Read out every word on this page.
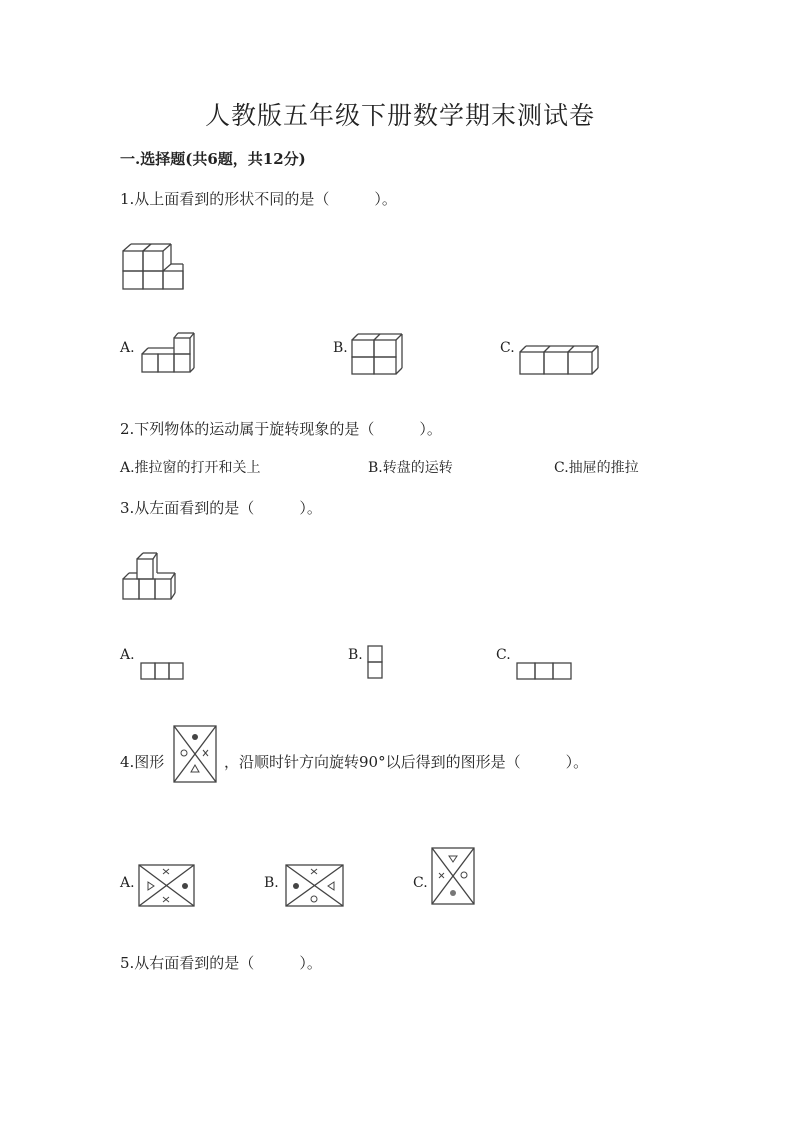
人教版五年级下册数学期末测试卷
一.选择题(共6题，共12分)
1.从上面看到的形状不同的是（　　　）。
A.	B.	C.
2.下列物体的运动属于旋转现象的是（　　　）。
A.推拉窗的打开和关上	B.转盘的运转	C.抽屉的推拉
3.从左面看到的是（　　　）。
A.	B.	C.
4.图形	，沿顺时针方向旋转90°以后得到的图形是（　　　）。
A.	B.	C.
5.从右面看到的是（　　　）。
